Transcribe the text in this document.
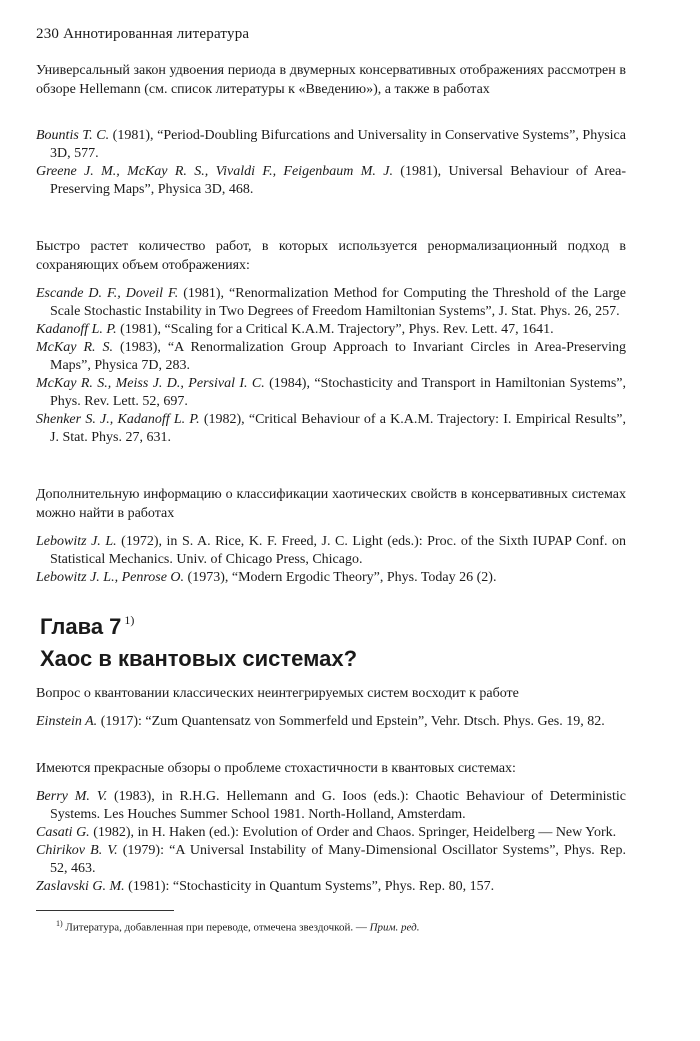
230 Аннотированная литература

Универсальный закон удвоения периода в двумерных консервативных отображениях рассмотрен в обзоре Hellemann (см. список литературы к «Введению»), а также в работах

Bountis T. C. (1981), “Period-Doubling Bifurcations and Universality in Conservative Systems”, Physica 3D, 577.
Greene J. M., McKay R. S., Vivaldi F., Feigenbaum M. J. (1981), Universal Behaviour of Area-Preserving Maps”, Physica 3D, 468.

Быстро растет количество работ, в которых используется ренормализационный подход в сохраняющих объем отображениях:

Escande D. F., Doveil F. (1981), “Renormalization Method for Computing the Threshold of the Large Scale Stochastic Instability in Two Degrees of Freedom Hamiltonian Systems”, J. Stat. Phys. 26, 257.
Kadanoff L. P. (1981), “Scaling for a Critical K.A.M. Trajectory”, Phys. Rev. Lett. 47, 1641.
McKay R. S. (1983), “A Renormalization Group Approach to Invariant Circles in Area-Preserving Maps”, Physica 7D, 283.
McKay R. S., Meiss J. D., Persival I. C. (1984), “Stochasticity and Transport in Hamiltonian Systems”, Phys. Rev. Lett. 52, 697.
Shenker S. J., Kadanoff L. P. (1982), “Critical Behaviour of a K.A.M. Trajectory: I. Empirical Results”, J. Stat. Phys. 27, 631.

Дополнительную информацию о классификации хаотических свойств в консервативных системах можно найти в работах

Lebowitz J. L. (1972), in S. A. Rice, K. F. Freed, J. C. Light (eds.): Proc. of the Sixth IUPAP Conf. on Statistical Mechanics. Univ. of Chicago Press, Chicago.
Lebowitz J. L., Penrose O. (1973), “Modern Ergodic Theory”, Phys. Today 26 (2).
Глава 7 $^{1)}$
Хаос в квантовых системах?

Вопрос о квантовании классических неинтегрируемых систем восходит к работе

Einstein A. (1917): “Zum Quantensatz von Sommerfeld und Epstein”, Vehr. Dtsch. Phys. Ges. 19, 82.

Имеются прекрасные обзоры о проблеме стохастичности в квантовых системах:

Berry M. V. (1983), in R.H.G. Hellemann and G. Ioos (eds.): Chaotic Behaviour of Deterministic Systems. Les Houches Summer School 1981. North-Holland, Amsterdam.
Casati G. (1982), in H. Haken (ed.): Evolution of Order and Chaos. Springer, Heidelberg — New York.
Chirikov B. V. (1979): “A Universal Instability of Many-Dimensional Oscillator Systems”, Phys. Rep. 52, 463.
Zaslavski G. M. (1981): “Stochasticity in Quantum Systems”, Phys. Rep. 80, 157.
$^{1)}$ Литература, добавленная при переводе, отмечена звездочкой. — Прим. ред.
